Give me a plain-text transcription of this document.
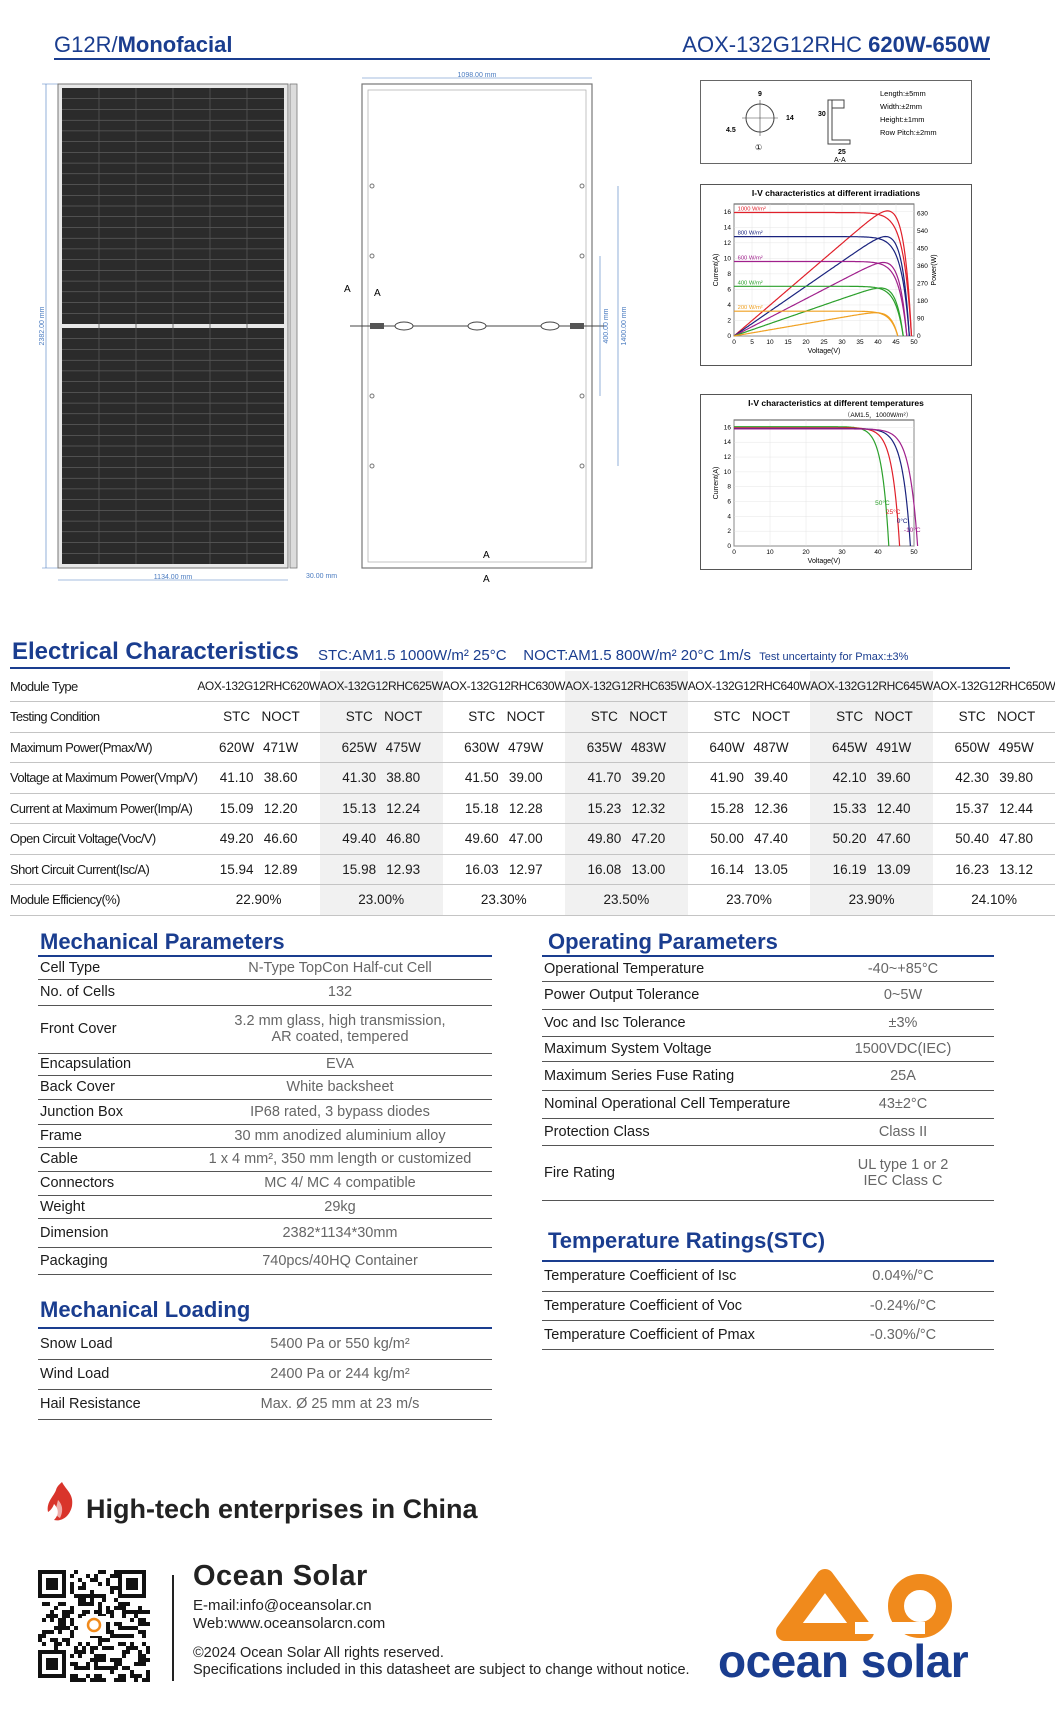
G12R/Monofacial	AOX-132G12RHC 620W-650W
2382.00 mm
1134.00 mm	30.00 mm
1098.00 mm
400.00 mm 1400.00 mm
A A
A
A
9
14
4.5
①
30
25
A-A
Length:±5mm
Width:±2mm
Height:±1mm
Row Pitch:±2mm
I-V characteristics at different irradiations
0 5 10 15 20 25 30 35 40 45 50
0
2
4
6
8
10
12
14
16
Voltage(V)
Current(A)
0
90
180
270
360
450
540
630
Power(W)
1000 W/m²
800 W/m²
600 W/m²
400 W/m²
200 W/m²
I-V characteristics at different temperatures
（AM1.5，1000W/m²）
0	10	20	30	40	50
0
2
4
6
8
10
12
14
16
Voltage(V)
Current(A)
50°C
25°C
0°C
-10°C
Electrical Characteristics STC:AM1.5 1000W/m² 25°C NOCT:AM1.5 800W/m² 20°C 1m/s Test uncertainty for Pmax:±3%
Module Type	AOX-132G12RHC620W	AOX-132G12RHC625W	AOX-132G12RHC630W	AOX-132G12RHC635W	AOX-132G12RHC640W	AOX-132G12RHC645W	AOX-132G12RHC650W
Testing Condition	STC NOCT	STC NOCT	STC NOCT	STC NOCT	STC NOCT	STC NOCT	STC NOCT
Maximum Power(Pmax/W)	620W 471W	625W 475W	630W 479W	635W 483W	640W 487W	645W 491W	650W 495W
Voltage at Maximum Power(Vmp/V)	41.10 38.60	41.30 38.80	41.50 39.00	41.70 39.20	41.90 39.40	42.10 39.60	42.30 39.80
Current at Maximum Power(Imp/A)	15.09 12.20	15.13 12.24	15.18 12.28	15.23 12.32	15.28 12.36	15.33 12.40	15.37 12.44
Open Circuit Voltage(Voc/V)	49.20 46.60	49.40 46.80	49.60 47.00	49.80 47.20	50.00 47.40	50.20 47.60	50.40 47.80
Short Circuit Current(Isc/A)	15.94 12.89	15.98 12.93	16.03 12.97	16.08 13.00	16.14 13.05	16.19 13.09	16.23 13.12
Module Efficiency(%)	22.90%	23.00%	23.30%	23.50%	23.70%	23.90%	24.10%
Mechanical Parameters
Cell Type	N-Type TopCon Half-cut Cell
No. of Cells	132
Front Cover	3.2 mm glass, high transmission,
AR coated, tempered
Encapsulation	EVA
Back Cover	White backsheet
Junction Box	IP68 rated, 3 bypass diodes
Frame	30 mm anodized aluminium alloy
Cable	1 x 4 mm², 350 mm length or customized
Connectors	MC 4/ MC 4 compatible
Weight	29kg
Dimension	2382*1134*30mm
Packaging	740pcs/40HQ Container
Mechanical Loading
Snow Load	5400 Pa or 550 kg/m²
Wind Load	2400 Pa or 244 kg/m²
Hail Resistance	Max. Ø 25 mm at 23 m/s
Operating Parameters
Operational Temperature	-40~+85°C
Power Output Tolerance	0~5W
Voc and Isc Tolerance	±3%
Maximum System Voltage	1500VDC(IEC)
Maximum Series Fuse Rating	25A
Nominal Operational Cell Temperature	43±2°C
Protection Class	Class II
Fire Rating	UL type 1 or 2
IEC Class C
Temperature Ratings(STC)
Temperature Coefficient of Isc	0.04%/°C
Temperature Coefficient of Voc	-0.24%/°C
Temperature Coefficient of Pmax	-0.30%/°C
High-tech enterprises in China
Ocean Solar
E-mail:info@oceansolar.cn
Web:www.oceansolarcn.com
©2024 Ocean Solar All rights reserved.
Specifications included in this datasheet are subject to change without notice. ocean solar
